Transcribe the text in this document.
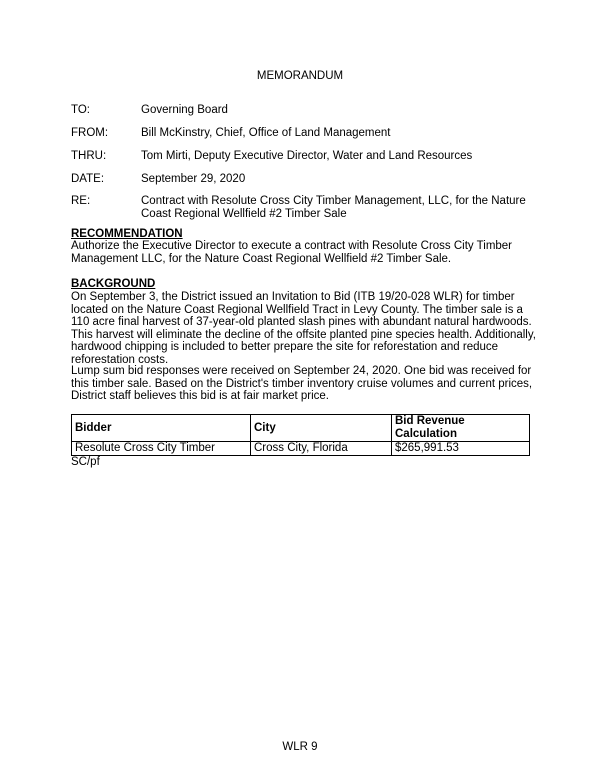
MEMORANDUM
TO:	Governing Board
FROM:	Bill McKinstry, Chief, Office of Land Management
THRU:	Tom Mirti, Deputy Executive Director, Water and Land Resources
DATE:	September 29, 2020
RE:	Contract with Resolute Cross City Timber Management, LLC, for the Nature Coast Regional Wellfield #2 Timber Sale
RECOMMENDATION
Authorize the Executive Director to execute a contract with Resolute Cross City Timber Management LLC, for the Nature Coast Regional Wellfield #2 Timber Sale.
BACKGROUND
On September 3, the District issued an Invitation to Bid (ITB 19/20-028 WLR) for timber located on the Nature Coast Regional Wellfield Tract in Levy County. The timber sale is a 110 acre final harvest of 37-year-old planted slash pines with abundant natural hardwoods. This harvest will eliminate the decline of the offsite planted pine species health. Additionally, hardwood chipping is included to better prepare the site for reforestation and reduce reforestation costs.
Lump sum bid responses were received on September 24, 2020. One bid was received for this timber sale. Based on the District's timber inventory cruise volumes and current prices, District staff believes this bid is at fair market price.
Bidder	City	Bid Revenue Calculation
Resolute Cross City Timber	Cross City, Florida	$265,991.53
SC/pf
WLR 9
